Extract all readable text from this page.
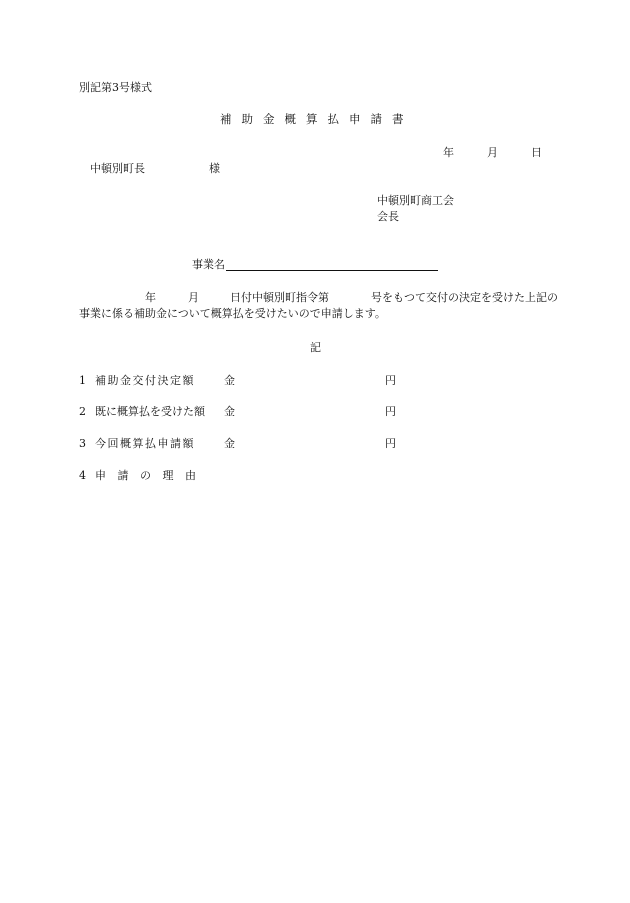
別記第3号様式
補 助 金 概 算 払 申 請 書
年	月	日
中頓別町長	様
中頓別町商工会
会長
事業名
年	月	日付中頓別町指令第	号をもつて交付の決定を受けた上記の
事業に係る補助金について概算払を受けたいので申請します。
記
1 補助金交付決定額	金	円
2 既に概算払を受けた額 金	円
3 今回概算払申請額	金	円
4 申 請 の 理 由
